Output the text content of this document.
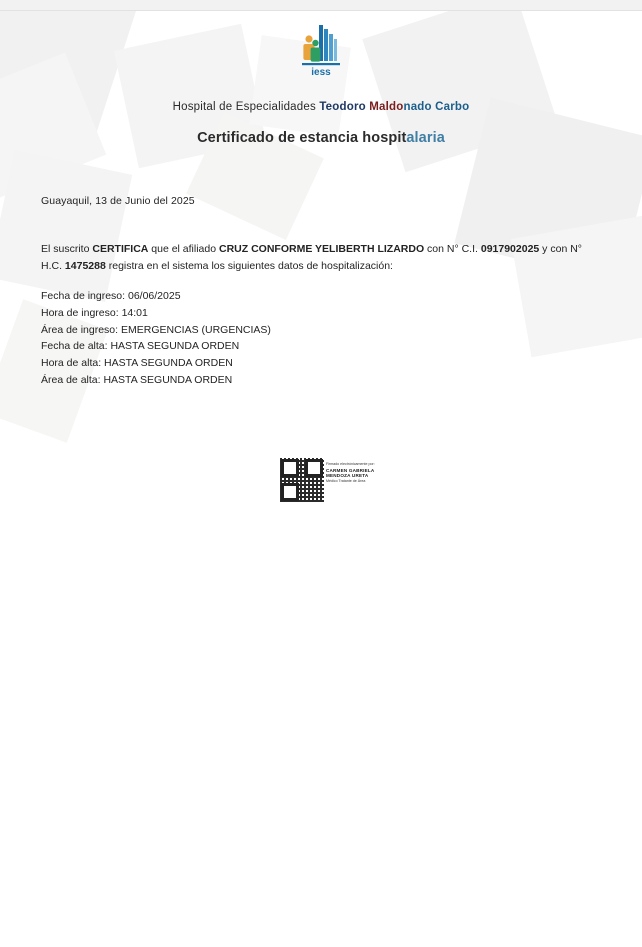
iess
Hospital de Especialidades Teodoro Maldonado Carbo
Certificado de estancia hospitalaria
Guayaquil, 13 de Junio del 2025
El suscrito CERTIFICA que el afiliado CRUZ CONFORME YELIBERTH LIZARDO con N° C.I. 0917902025 y con N° H.C. 1475288 registra en el sistema los siguientes datos de hospitalización:
Fecha de ingreso: 06/06/2025
Hora de ingreso: 14:01
Área de ingreso: EMERGENCIAS (URGENCIAS)
Fecha de alta: HASTA SEGUNDA ORDEN
Hora de alta: HASTA SEGUNDA ORDEN
Área de alta: HASTA SEGUNDA ORDEN
Firmado electrónicamente por:
CARMEN GABRIELA
MENDOZA URETA
Médico Tratante de Área
